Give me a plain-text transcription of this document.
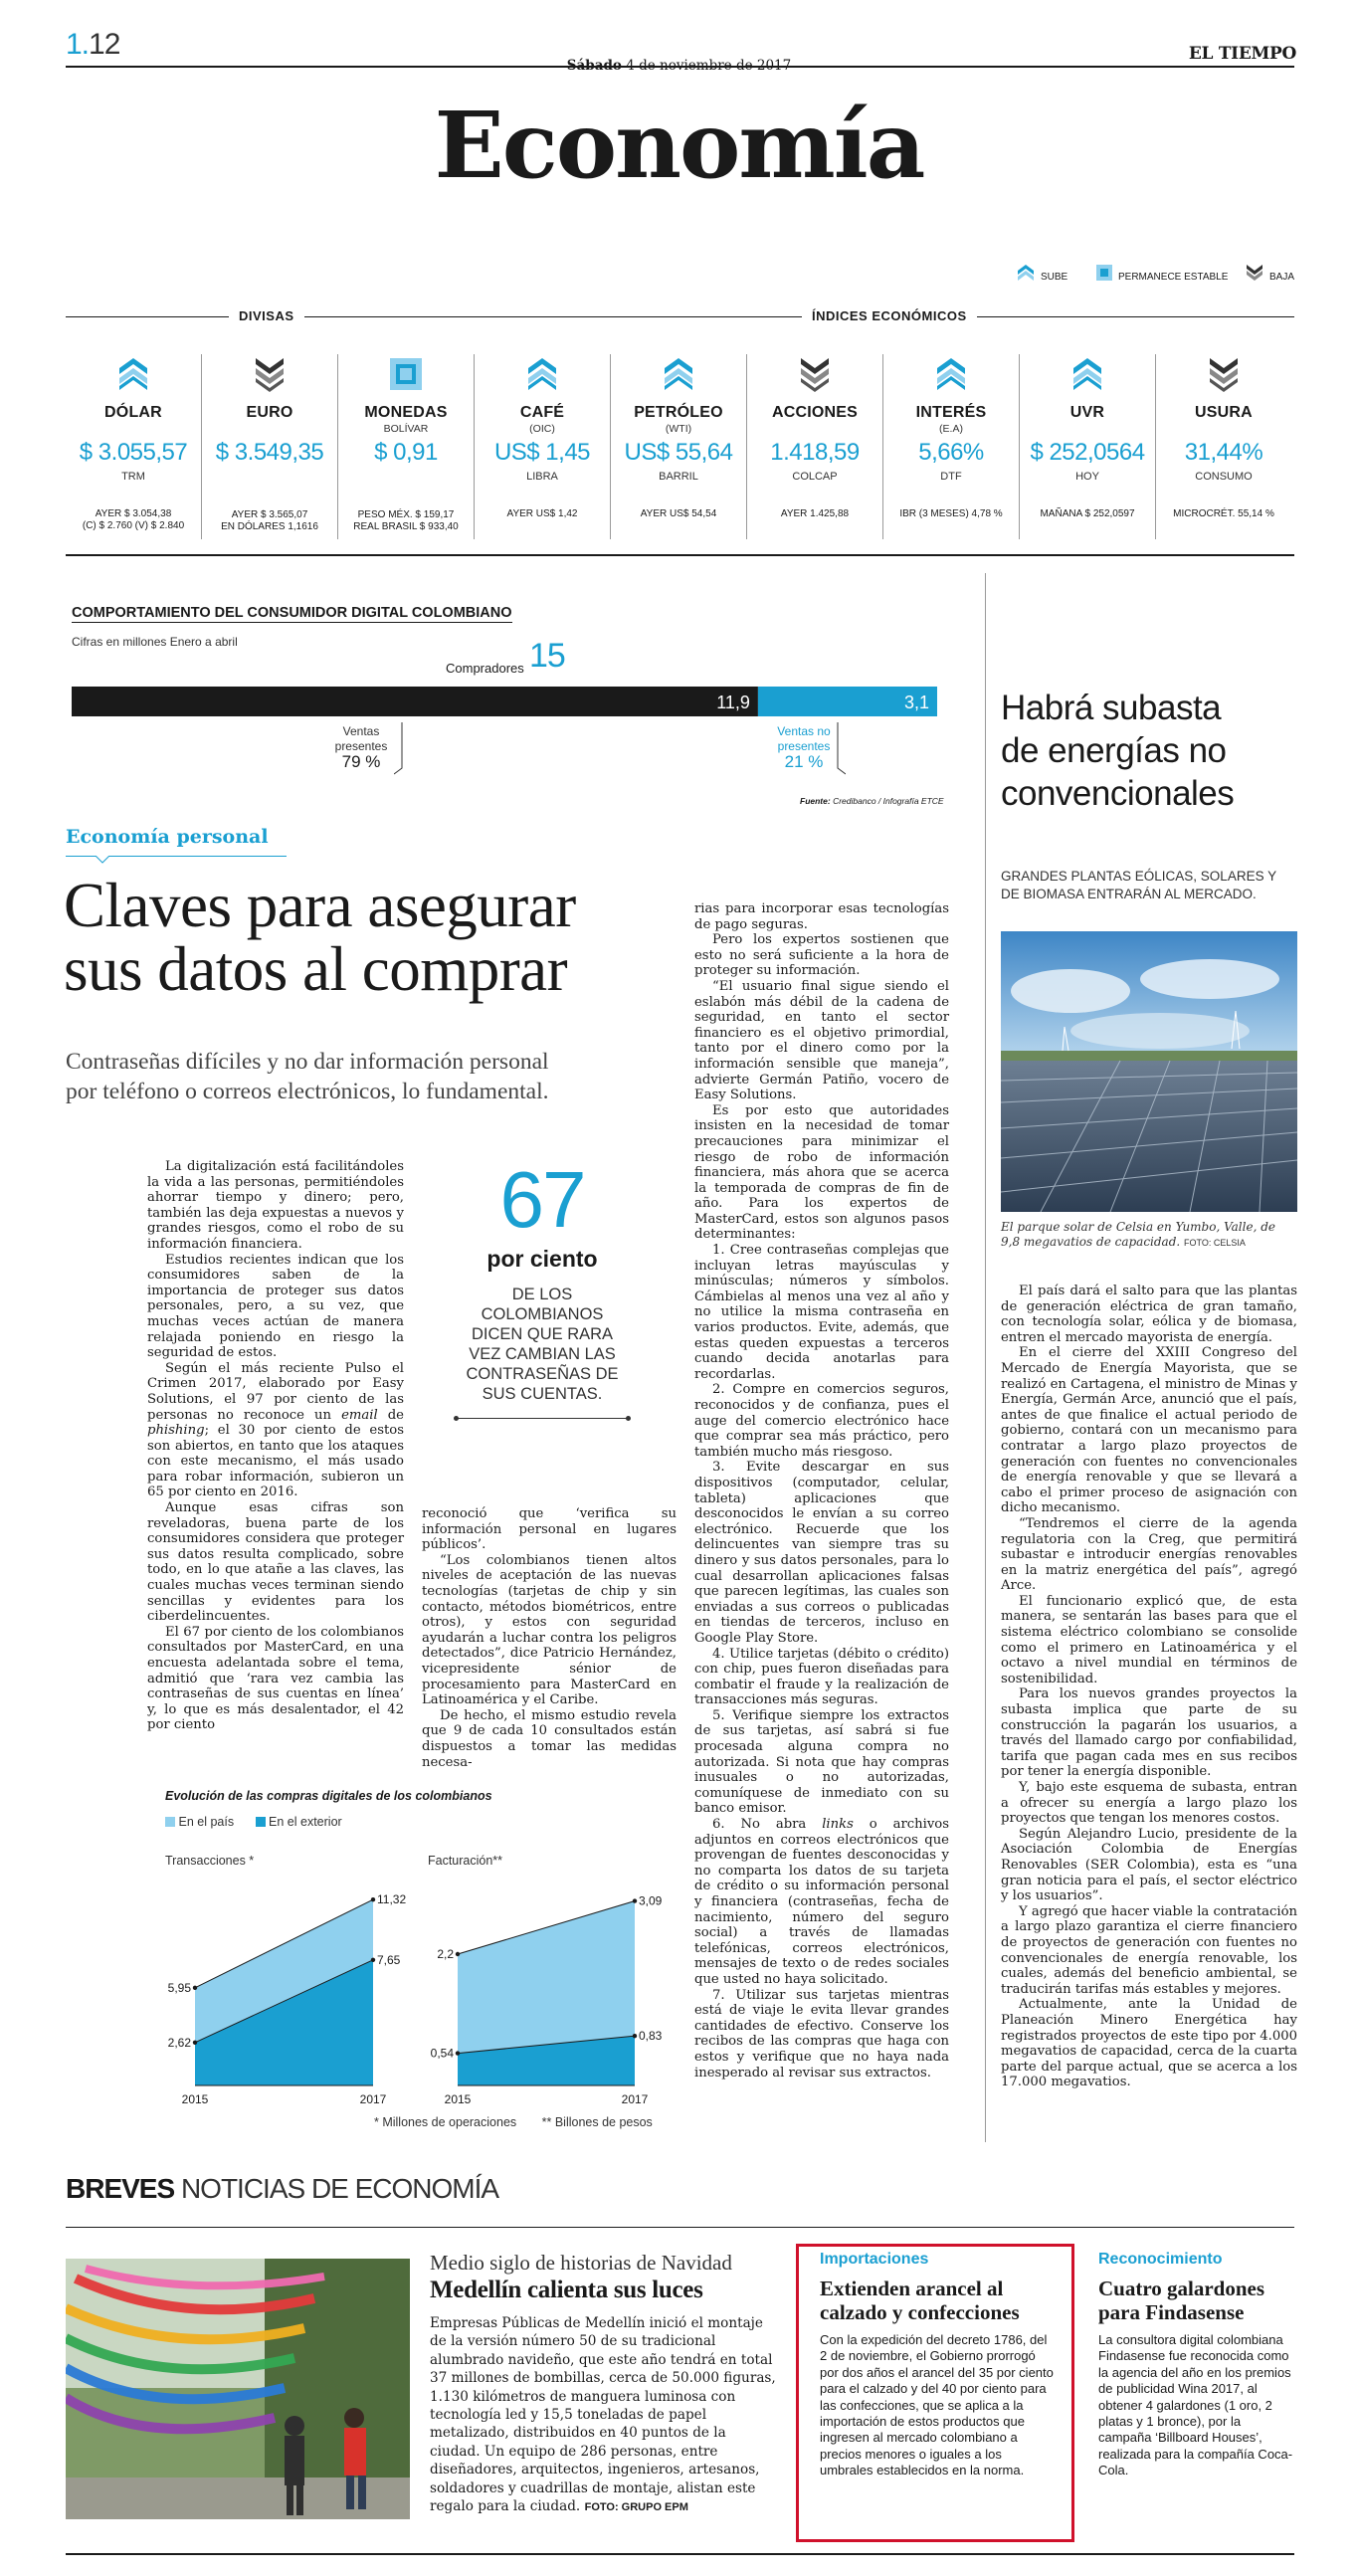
1.12	EL TIEMPO
Sábado 4 de noviembre de 2017
Economía
SUBE	PERMANECE ESTABLE	BAJA
DIVISAS	ÍNDICES ECONÓMICOS
DÓLAR
$ 3.055,57
TRM
AYER $ 3.054,38
(C) $ 2.760 (V) $ 2.840
EURO
$ 3.549,35
AYER $ 3.565,07
EN DÓLARES 1,1616
MONEDAS
BOLÍVAR
$ 0,91
PESO MÉX. $ 159,17
REAL BRASIL $ 933,40
CAFÉ
(OIC)
US$ 1,45
LIBRA
AYER US$ 1,42
PETRÓLEO
(WTI)
US$ 55,64
BARRIL
AYER US$ 54,54
ACCIONES
1.418,59
COLCAP
AYER 1.425,88
INTERÉS
(E.A)
5,66%
DTF
IBR (3 MESES) 4,78 %
UVR
$ 252,0564
HOY
MAÑANA $ 252,0597
USURA
31,44%
CONSUMO
MICROCRÉT. 55,14 %
COMPORTAMIENTO DEL CONSUMIDOR DIGITAL COLOMBIANO
Cifras en millones Enero a abril
Compradores 15
11,9	3,1
Ventas
presentes
79 %
Ventas no
presentes
21 %
Fuente: Credibanco / Infografía ETCE
Economía personal
Claves para asegurar
sus datos al comprar
Contraseñas difíciles y no dar información personal
por teléfono o correos electrónicos, lo fundamental.

La digitalización está facilitándoles la vida a las personas, permitiéndoles ahorrar tiempo y dinero; pero, también las deja expuestas a nuevos y grandes riesgos, como el robo de su información financiera.

Estudios recientes indican que los consumidores saben de la importancia de proteger sus datos personales, pero, a su vez, que muchas veces actúan de manera relajada poniendo en riesgo la seguridad de estos.

Según el más reciente Pulso el Crimen 2017, elaborado por Easy Solutions, el 97 por ciento de las personas no reconoce un email de phishing; el 30 por ciento de estos son abiertos, en tanto que los ataques con este mecanismo, el más usado para robar información, subieron un 65 por ciento en 2016.

Aunque esas cifras son reveladoras, buena parte de los consumidores considera que proteger sus datos resulta complicado, sobre todo, en lo que atañe a las claves, las cuales muchas veces terminan siendo sencillas y evidentes para los ciberdelincuentes.

El 67 por ciento de los colombianos consultados por MasterCard, en una encuesta adelantada sobre el tema, admitió que ‘rara vez cambia las contraseñas de sus cuentas en línea’ y, lo que es más desalentador, el 42 por ciento

67
por ciento
DE LOS
COLOMBIANOS
DICEN QUE RARA
VEZ CAMBIAN LAS
CONTRASEÑAS DE
SUS CUENTAS.

reconoció que ‘verifica su información personal en lugares públicos’.

“Los colombianos tienen altos niveles de aceptación de las nuevas tecnologías (tarjetas de chip y sin contacto, métodos biométricos, entre otros), y estos con seguridad ayudarán a luchar contra los peligros detectados”, dice Patricio Hernández, vicepresidente sénior de procesamiento para MasterCard en Latinoamérica y el Caribe.

De hecho, el mismo estudio revela que 9 de cada 10 consultados están dispuestos a tomar las medidas necesa-

rias para incorporar esas tecnologías de pago seguras.

Pero los expertos sostienen que esto no será suficiente a la hora de proteger su información.

“El usuario final sigue siendo el eslabón más débil de la cadena de seguridad, en tanto el sector financiero es el objetivo primordial, tanto por el dinero como por la información sensible que maneja”, advierte Germán Patiño, vocero de Easy Solutions.

Es por esto que autoridades insisten en la necesidad de tomar precauciones para minimizar el riesgo de robo de información financiera, más ahora que se acerca la temporada de compras de fin de año. Para los expertos de MasterCard, estos son algunos pasos determinantes:

1. Cree contraseñas complejas que incluyan letras mayúsculas y minúsculas; números y símbolos. Cámbielas al menos una vez al año y no utilice la misma contraseña en varios productos. Evite, además, que estas queden expuestas a terceros cuando decida anotarlas para recordarlas.

2. Compre en comercios seguros, reconocidos y de confianza, pues el auge del comercio electrónico hace que comprar sea más práctico, pero también mucho más riesgoso.

3. Evite descargar en sus dispositivos (computador, celular, tableta) aplicaciones que desconocidos le envían a su correo electrónico. Recuerde que los delincuentes van siempre tras su dinero y sus datos personales, para lo cual desarrollan aplicaciones falsas que parecen legítimas, las cuales son enviadas a sus correos o publicadas en tiendas de terceros, incluso en Google Play Store.

4. Utilice tarjetas (débito o crédito) con chip, pues fueron diseñadas para combatir el fraude y la realización de transacciones más seguras.

5. Verifique siempre los extractos de sus tarjetas, así sabrá si fue procesada alguna compra no autorizada. Si nota que hay compras inusuales o no autorizadas, comuníquese de inmediato con su banco emisor.

6. No abra links o archivos adjuntos en correos electrónicos que provengan de fuentes desconocidas y no comparta los datos de su tarjeta de crédito o su información personal y financiera (contraseñas, fecha de nacimiento, número del seguro social) a través de llamadas telefónicas, correos electrónicos, mensajes de texto o de redes sociales que usted no haya solicitado.

7. Utilizar sus tarjetas mientras está de viaje le evita llevar grandes cantidades de efectivo. Conserve los recibos de las compras que haga con estos y verifique que no haya nada inesperado al revisar sus extractos.

Evolución de las compras digitales de los colombianos
En el país	En el exterior
Transacciones *
5,95
2,62
11,32
7,65
2015	2017
Facturación**
2,2
0,54
3,09
0,83
2015	2017
* Millones de operaciones ** Billones de pesos
Habrá subasta
de energías no
convencionales
GRANDES PLANTAS EÓLICAS, SOLARES Y
DE BIOMASA ENTRARÁN AL MERCADO.
El parque solar de Celsia en Yumbo, Valle, de 9,8 megavatios de capacidad. FOTO: CELSIA

El país dará el salto para que las plantas de generación eléctrica de gran tamaño, con tecnología solar, eólica y de biomasa, entren el mercado mayorista de energía.

En el cierre del XXIII Congreso del Mercado de Energía Mayorista, que se realizó en Cartagena, el ministro de Minas y Energía, Germán Arce, anunció que el país, antes de que finalice el actual periodo de gobierno, contará con un mecanismo para contratar a largo plazo proyectos de generación con fuentes no convencionales de energía renovable y que se llevará a cabo el primer proceso de asignación con dicho mecanismo.

“Tendremos el cierre de la agenda regulatoria con la Creg, que permitirá subastar e introducir energías renovables en la matriz energética del país”, agregó Arce.

El funcionario explicó que, de esta manera, se sentarán las bases para que el sistema eléctrico colombiano se consolide como el primero en Latinoamérica y el octavo a nivel mundial en términos de sostenibilidad.

Para los nuevos grandes proyectos la subasta implica que parte de su construcción la pagarán los usuarios, a través del llamado cargo por confiabilidad, tarifa que pagan cada mes en sus recibos por tener la energía disponible.

Y, bajo este esquema de subasta, entran a ofrecer su energía a largo plazo los proyectos que tengan los menores costos.

Según Alejandro Lucio, presidente de la Asociación Colombia de Energías Renovables (SER Colombia), esta es “una gran noticia para el país, el sector eléctrico y los usuarios”.

Y agregó que hacer viable la contratación a largo plazo garantiza el cierre financiero de proyectos de generación con fuentes no convencionales de energía renovable, los cuales, además del beneficio ambiental, se traducirán tarifas más estables y mejores.

Actualmente, ante la Unidad de Planeación Minero Energética hay registrados proyectos de este tipo por 4.000 megavatios de capacidad, cerca de la cuarta parte del parque actual, que se acerca a los 17.000 megavatios.

BREVES NOTICIAS DE ECONOMÍA
Medio siglo de historias de Navidad
Medellín calienta sus luces
Empresas Públicas de Medellín inició el montaje de la versión número 50 de su tradicional alumbrado navideño, que este año tendrá en total 37 millones de bombillas, cerca de 50.000 figuras, 1.130 kilómetros de manguera luminosa con tecnología led y 15,5 toneladas de papel metalizado, distribuidos en 40 puntos de la ciudad. Un equipo de 286 personas, entre diseñadores, arquitectos, ingenieros, artesanos, soldadores y cuadrillas de montaje, alistan este regalo para la ciudad. FOTO: GRUPO EPM
Importaciones
Extienden arancel al
calzado y confecciones
Con la expedición del decreto 1786, del 2 de noviembre, el Gobierno prorrogó por dos años el arancel del 35 por ciento para el calzado y del 40 por ciento para las confecciones, que se aplica a la importación de estos productos que ingresen al mercado colombiano a precios menores o iguales a los umbrales establecidos en la norma.
Reconocimiento
Cuatro galardones
para Findasense
La consultora digital colombiana Findasense fue reconocida como la agencia del año en los premios de publicidad Wina 2017, al obtener 4 galardones (1 oro, 2 platas y 1 bronce), por la campaña ‘Billboard Houses’, realizada para la compañía Coca-Cola.
